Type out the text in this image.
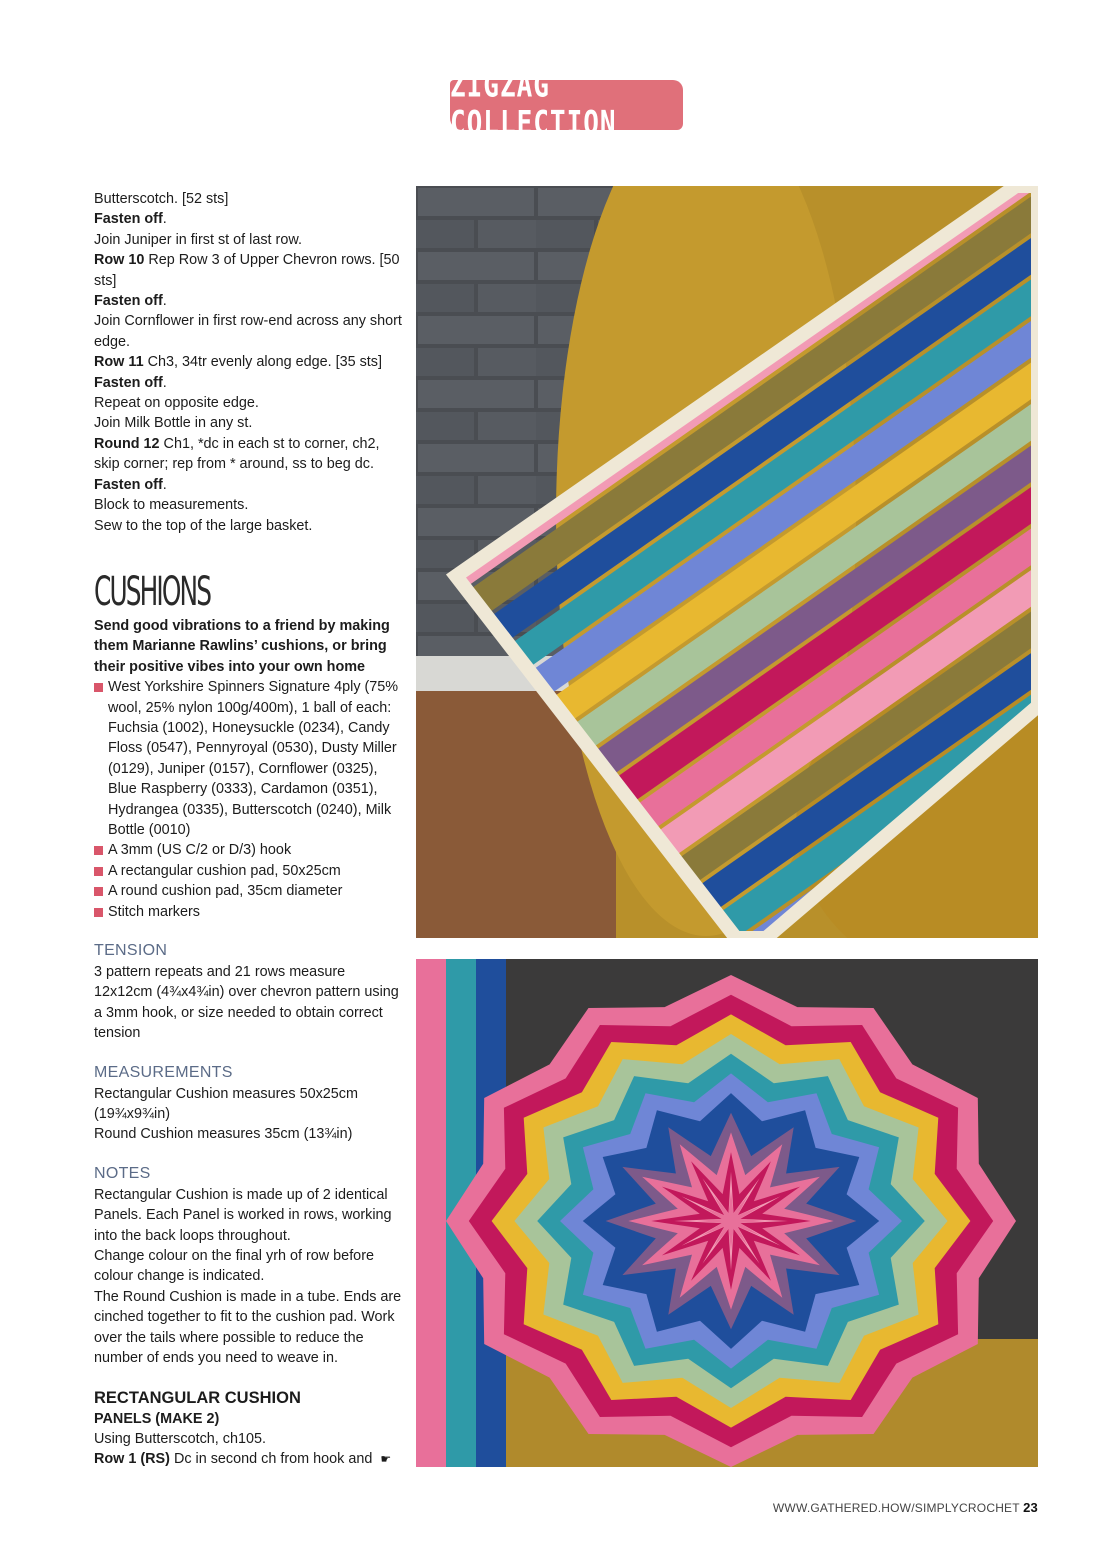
ZIGZAG COLLECTION

Butterscotch. [52 sts]

Fasten off.

Join Juniper in first st of last row.

Row 10 Rep Row 3 of Upper Chevron rows. [50 sts]

Fasten off.

Join Cornflower in first row-end across any short edge.

Row 11 Ch3, 34tr evenly along edge. [35 sts]

Fasten off.

Repeat on opposite edge.

Join Milk Bottle in any st.

Round 12 Ch1, *dc in each st to corner, ch2, skip corner; rep from * around, ss to beg dc.

Fasten off.

Block to measurements.

Sew to the top of the large basket.

CUSHIONS

Send good vibrations to a friend by making them Marianne Rawlins’ cushions, or bring their positive vibes into your own home

West Yorkshire Spinners Signature 4ply (75% wool, 25% nylon 100g/400m), 1 ball of each: Fuchsia (1002), Honeysuckle (0234), Candy Floss (0547), Pennyroyal (0530), Dusty Miller (0129), Juniper (0157), Cornflower (0325), Blue Raspberry (0333), Cardamon (0351), Hydrangea (0335), Butterscotch (0240), Milk Bottle (0010)
A 3mm (US C/2 or D/3) hook
A rectangular cushion pad, 50x25cm
A round cushion pad, 35cm diameter
Stitch markers
TENSION

3 pattern repeats and 21 rows measure 12x12cm (4¾x4¾in) over chevron pattern using a 3mm hook, or size needed to obtain correct tension

MEASUREMENTS

Rectangular Cushion measures 50x25cm (19¾x9¾in)

Round Cushion measures 35cm (13¾in)

NOTES

Rectangular Cushion is made up of 2 identical Panels. Each Panel is worked in rows, working into the back loops throughout.

Change colour on the final yrh of row before colour change is indicated.

The Round Cushion is made in a tube. Ends are cinched together to fit to the cushion pad. Work over the tails where possible to reduce the number of ends you need to weave in.

RECTANGULAR CUSHION
PANELS (MAKE 2)

Using Butterscotch, ch105.

Row 1 (RS) Dc in second ch from hook and ☛

WWW.GATHERED.HOW/SIMPLYCROCHET 23
